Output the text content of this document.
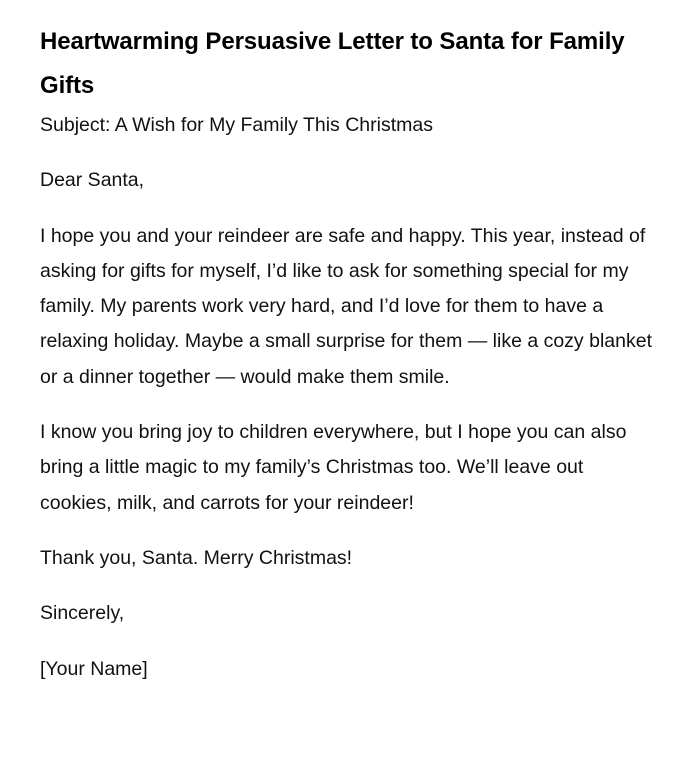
Heartwarming Persuasive Letter to Santa for Family Gifts

Subject: A Wish for My Family This Christmas

Dear Santa,

I hope you and your reindeer are safe and happy. This year, instead of asking for gifts for myself, I’d like to ask for something special for my family. My parents work very hard, and I’d love for them to have a relaxing holiday. Maybe a small surprise for them — like a cozy blanket or a dinner together — would make them smile.

I know you bring joy to children everywhere, but I hope you can also bring a little magic to my family’s Christmas too. We’ll leave out cookies, milk, and carrots for your reindeer!

Thank you, Santa. Merry Christmas!

Sincerely,

[Your Name]
